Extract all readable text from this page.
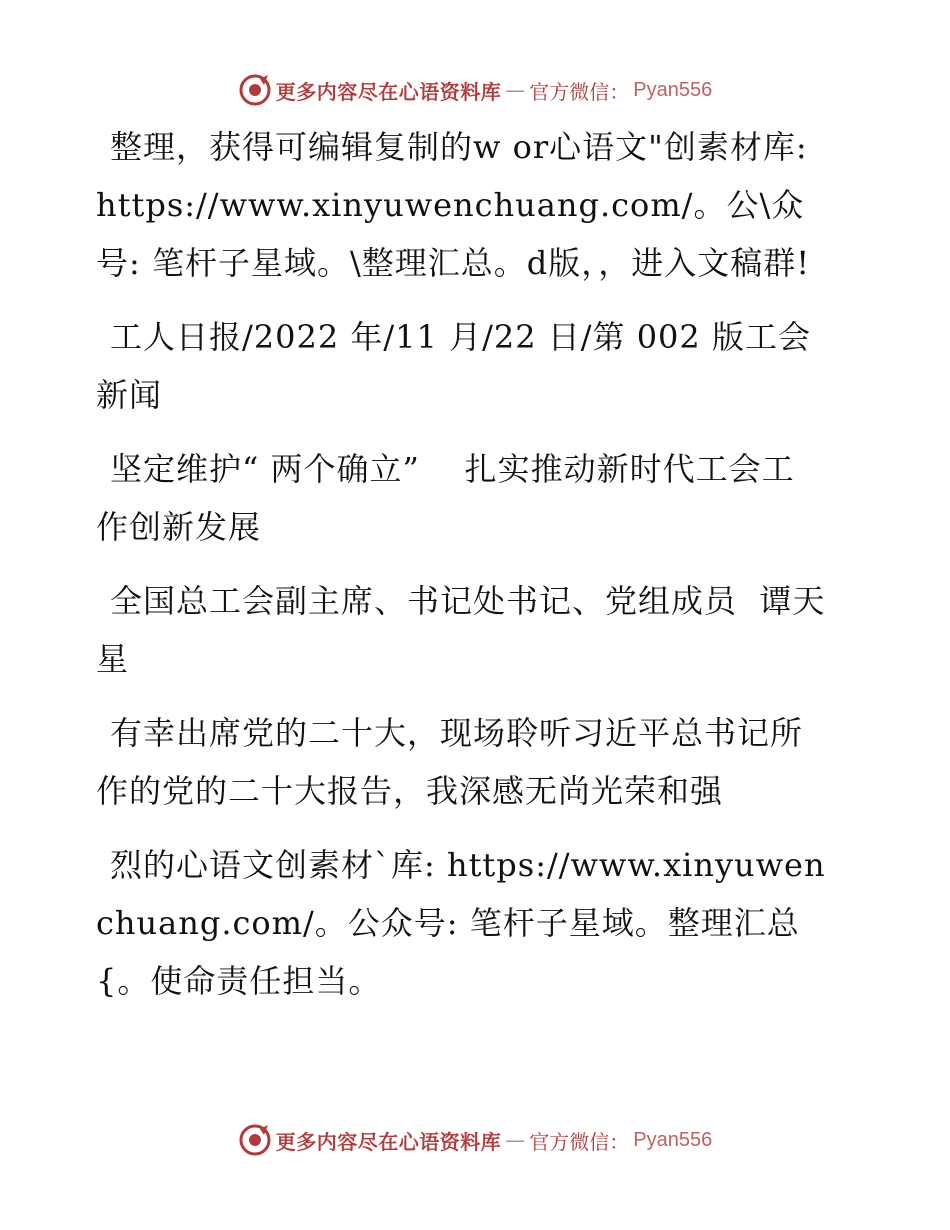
更多内容尽在心语资料库 — 官方微信： Pyan556

整理，获得可编辑复制的w or心语文"创素材库: https://www.xinyuwenchuang.com/。公\众号: 笔杆子星域。\整理汇总。d版，，进入文稿群!

工人日报/2022 年/11 月/22 日/第 002 版工会新闻

坚定维护“ 两个确立”    扎实推动新时代工会工作创新发展

全国总工会副主席、书记处书记、党组成员  谭天星

有幸出席党的二十大，现场聆听习近平总书记所作的党的二十大报告，我深感无尚光荣和强

烈的心语文创素材`库: https://www.xinyuwenchuang.com/。公众号: 笔杆子星域。整理汇总{。使命责任担当。

更多内容尽在心语资料库 — 官方微信： Pyan556
